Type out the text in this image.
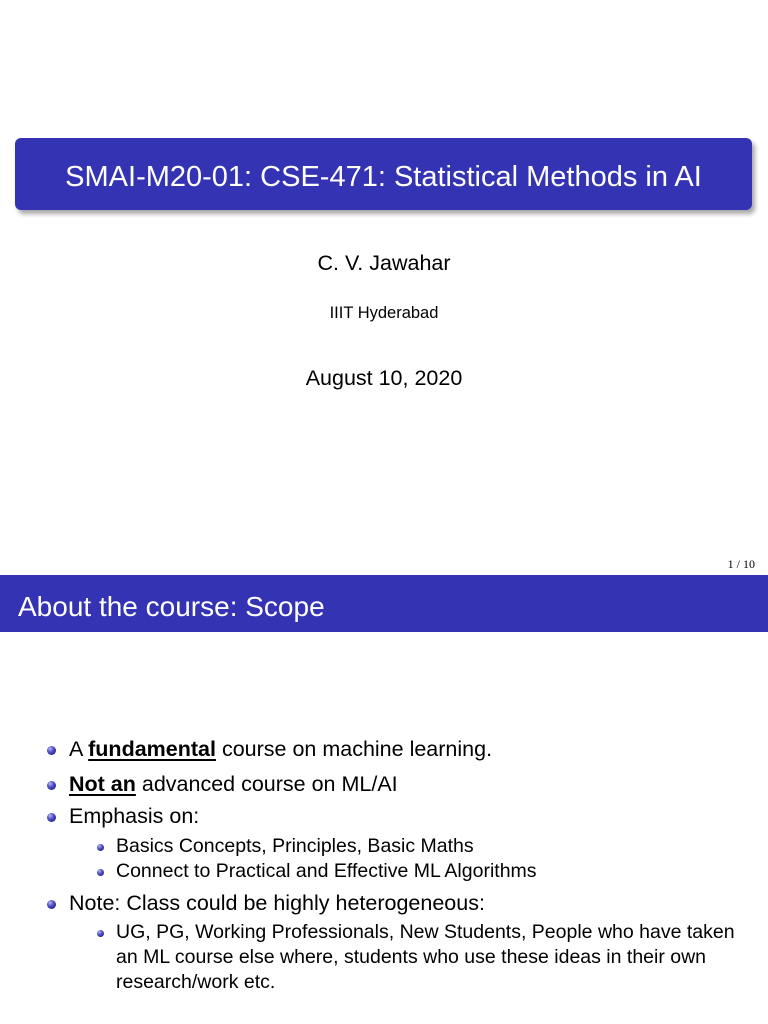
SMAI-M20-01: CSE-471: Statistical Methods in AI
C. V. Jawahar
IIIT Hyderabad
August 10, 2020
1 / 10
About the course: Scope
A fundamental course on machine learning.
Not an advanced course on ML/AI
Emphasis on:
Basics Concepts, Principles, Basic Maths
Connect to Practical and Effective ML Algorithms
Note: Class could be highly heterogeneous:
UG, PG, Working Professionals, New Students, People who have taken
an ML course else where, students who use these ideas in their own
research/work etc.
